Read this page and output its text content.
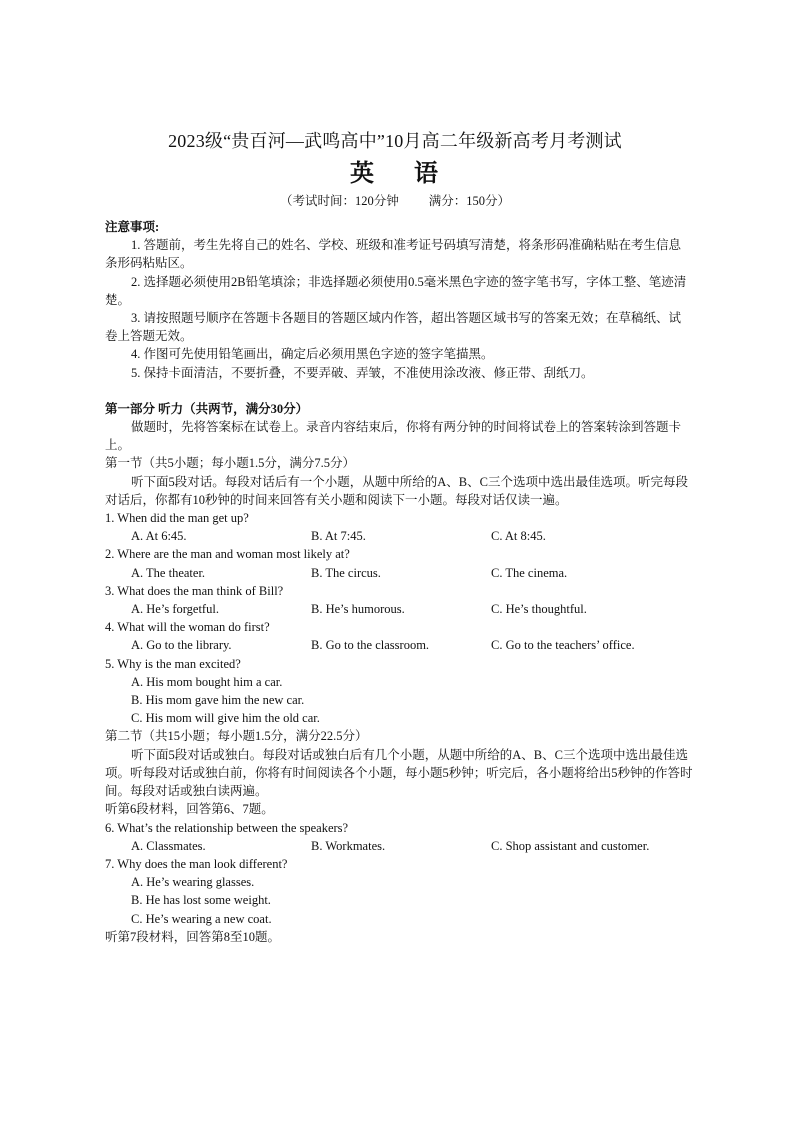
2023级“贵百河—武鸣高中”10月高二年级新高考月考测试
英 语
（考试时间：120分钟 满分：150分）
注意事项:

1. 答题前，考生先将自己的姓名、学校、班级和准考证号码填写清楚，将条形码准确粘贴在考生信息条形码粘贴区。

2. 选择题必须使用2B铅笔填涂；非选择题必须使用0.5毫米黑色字迹的签字笔书写，字体工整、笔迹清楚。

3. 请按照题号顺序在答题卡各题目的答题区域内作答，超出答题区域书写的答案无效；在草稿纸、试卷上答题无效。

4. 作图可先使用铅笔画出，确定后必须用黑色字迹的签字笔描黑。

5. 保持卡面清洁，不要折叠，不要弄破、弄皱，不准使用涂改液、修正带、刮纸刀。

第一部分 听力（共两节，满分30分）

做题时，先将答案标在试卷上。录音内容结束后，你将有两分钟的时间将试卷上的答案转涂到答题卡上。

第一节（共5小题；每小题1.5分，满分7.5分）

听下面5段对话。每段对话后有一个小题，从题中所给的A、B、C三个选项中选出最佳选项。听完每段对话后，你都有10秒钟的时间来回答有关小题和阅读下一小题。每段对话仅读一遍。

1. When did the man get up?
A. At 6:45.	B. At 7:45.	C. At 8:45.
2. Where are the man and woman most likely at?
A. The theater.	B. The circus.	C. The cinema.
3. What does the man think of Bill?
A. He’s forgetful.	B. He’s humorous.	C. He’s thoughtful.
4. What will the woman do first?
A. Go to the library.	B. Go to the classroom.	C. Go to the teachers’ office.
5. Why is the man excited?
A. His mom bought him a car.
B. His mom gave him the new car.
C. His mom will give him the old car.
第二节（共15小题；每小题1.5分，满分22.5分）

听下面5段对话或独白。每段对话或独白后有几个小题，从题中所给的A、B、C三个选项中选出最佳选项。听每段对话或独白前，你将有时间阅读各个小题，每小题5秒钟；听完后，各小题将给出5秒钟的作答时间。每段对话或独白读两遍。

听第6段材料，回答第6、7题。
6. What’s the relationship between the speakers?
A. Classmates.	B. Workmates.	C. Shop assistant and customer.
7. Why does the man look different?
A. He’s wearing glasses.
B. He has lost some weight.
C. He’s wearing a new coat.
听第7段材料，回答第8至10题。
